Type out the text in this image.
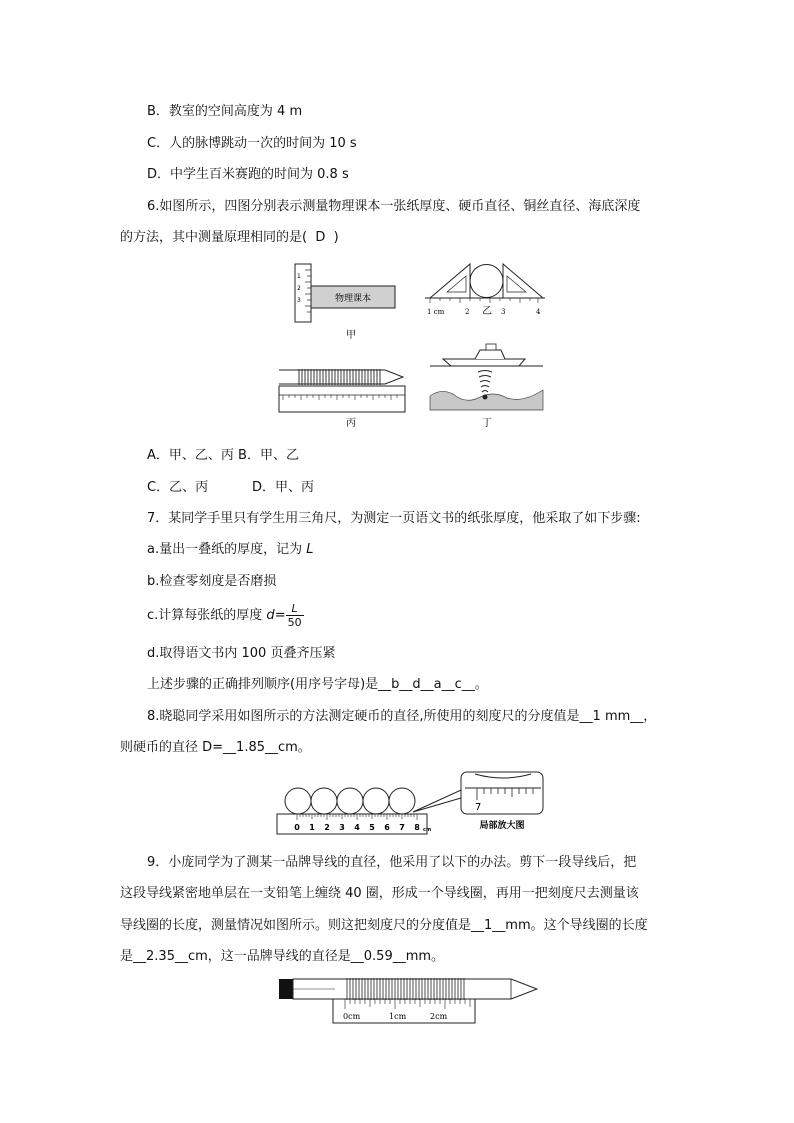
B．教室的空间高度为 4 m
C．人的脉博跳动一次的时间为 10 s
D．中学生百米赛跑的时间为 0.8 s
6.如图所示，四图分别表示测量物理课本一张纸厚度、硬币直径、铜丝直径、海底深度
的方法，其中测量原理相同的是( D )
1
2
3	物理课本
甲
1 cm	2	3	4
乙
丙	丁
A．甲、乙、丙 B．甲、乙
C．乙、丙	D．甲、丙
7．某同学手里只有学生用三角尺，为测定一页语文书的纸张厚度，他采取了如下步骤:
a.量出一叠纸的厚度，记为 L
b.检查零刻度是否磨损
c.计算每张纸的厚度 $d= \frac{L}{50}$
d.取得语文书内 100 页叠齐压紧
上述步骤的正确排列顺序(用序号字母)是__b__d__a__c__。
8.晓聪同学采用如图所示的方法测定硬币的直径,所使用的刻度尺的分度值是__1 mm__，
则硬币的直径 D=__1.85__cm。
0 1 2 3 4 5 6 7 8 cm
7
局部放大图
9．小庞同学为了测某一品牌导线的直径，他采用了以下的办法。剪下一段导线后，把
这段导线紧密地单层在一支铅笔上缠绕 40 圈，形成一个导线圈，再用一把刻度尺去测量该
导线圈的长度，测量情况如图所示。则这把刻度尺的分度值是__1__mm。这个导线圈的长度
是__2.35__cm，这一品牌导线的直径是__0.59__mm。
0cm	1cm	2cm
